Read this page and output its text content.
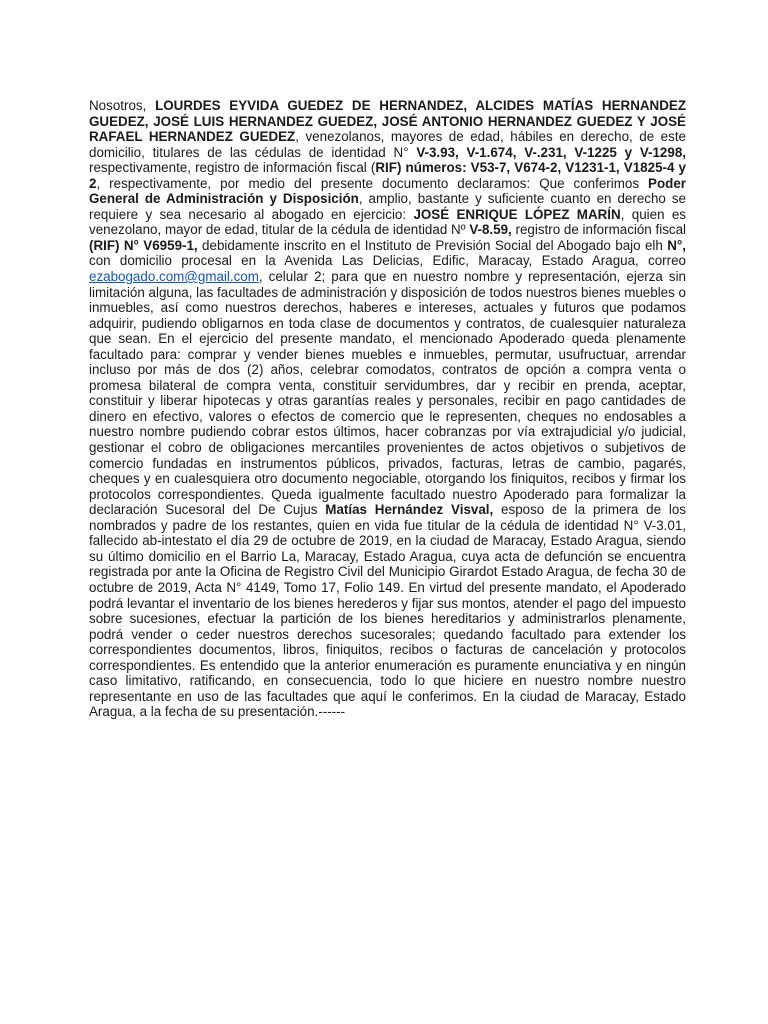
Nosotros, LOURDES EYVIDA GUEDEZ DE HERNANDEZ, ALCIDES MATÍAS HERNANDEZ GUEDEZ, JOSÉ LUIS HERNANDEZ GUEDEZ, JOSÉ ANTONIO HERNANDEZ GUEDEZ Y JOSÉ RAFAEL HERNANDEZ GUEDEZ, venezolanos, mayores de edad, hábiles en derecho, de este domicilio, titulares de las cédulas de identidad N° V-3.93, V-1.674, V-.231, V-1225 y V-1298, respectivamente, registro de información fiscal (RIF) números: V53-7, V674-2, V1231-1, V1825-4 y 2, respectivamente, por medio del presente documento declaramos: Que conferimos Poder General de Administración y Disposición, amplio, bastante y suficiente cuanto en derecho se requiere y sea necesario al abogado en ejercicio: JOSÉ ENRIQUE LÓPEZ MARÍN, quien es venezolano, mayor de edad, titular de la cédula de identidad Nº V-8.59, registro de información fiscal (RIF) N° V6959-1, debidamente inscrito en el Instituto de Previsión Social del Abogado bajo elh N°, con domicilio procesal en la Avenida Las Delicias, Edific, Maracay, Estado Aragua, correo ezabogado.com@gmail.com, celular 2; para que en nuestro nombre y representación, ejerza sin limitación alguna, las facultades de administración y disposición de todos nuestros bienes muebles o inmuebles, así como nuestros derechos, haberes e intereses, actuales y futuros que podamos adquirir, pudiendo obligarnos en toda clase de documentos y contratos, de cualesquier naturaleza que sean. En el ejercicio del presente mandato, el mencionado Apoderado queda plenamente facultado para: comprar y vender bienes muebles e inmuebles, permutar, usufructuar, arrendar incluso por más de dos (2) años, celebrar comodatos, contratos de opción a compra venta o promesa bilateral de compra venta, constituir servidumbres, dar y recibir en prenda, aceptar, constituir y liberar hipotecas y otras garantías reales y personales, recibir en pago cantidades de dinero en efectivo, valores o efectos de comercio que le representen, cheques no endosables a nuestro nombre pudiendo cobrar estos últimos, hacer cobranzas por vía extrajudicial y/o judicial, gestionar el cobro de obligaciones mercantiles provenientes de actos objetivos o subjetivos de comercio fundadas en instrumentos públicos, privados, facturas, letras de cambio, pagarés, cheques y en cualesquiera otro documento negociable, otorgando los finiquitos, recibos y firmar los protocolos correspondientes. Queda igualmente facultado nuestro Apoderado para formalizar la declaración Sucesoral del De Cujus Matías Hernández Visval, esposo de la primera de los nombrados y padre de los restantes, quien en vida fue titular de la cédula de identidad N° V-3.01, fallecido ab-intestato el día 29 de octubre de 2019, en la ciudad de Maracay, Estado Aragua, siendo su último domicilio en el Barrio La, Maracay, Estado Aragua, cuya acta de defunción se encuentra registrada por ante la Oficina de Registro Civil del Municipio Girardot Estado Aragua, de fecha 30 de octubre de 2019, Acta N° 4149, Tomo 17, Folio 149. En virtud del presente mandato, el Apoderado podrá levantar el inventario de los bienes herederos y fijar sus montos, atender el pago del impuesto sobre sucesiones, efectuar la partición de los bienes hereditarios y administrarlos plenamente, podrá vender o ceder nuestros derechos sucesorales; quedando facultado para extender los correspondientes documentos, libros, finiquitos, recibos o facturas de cancelación y protocolos correspondientes. Es entendido que la anterior enumeración es puramente enunciativa y en ningún caso limitativo, ratificando, en consecuencia, todo lo que hiciere en nuestro nombre nuestro representante en uso de las facultades que aquí le conferimos. En la ciudad de Maracay, Estado Aragua, a la fecha de su presentación.------
